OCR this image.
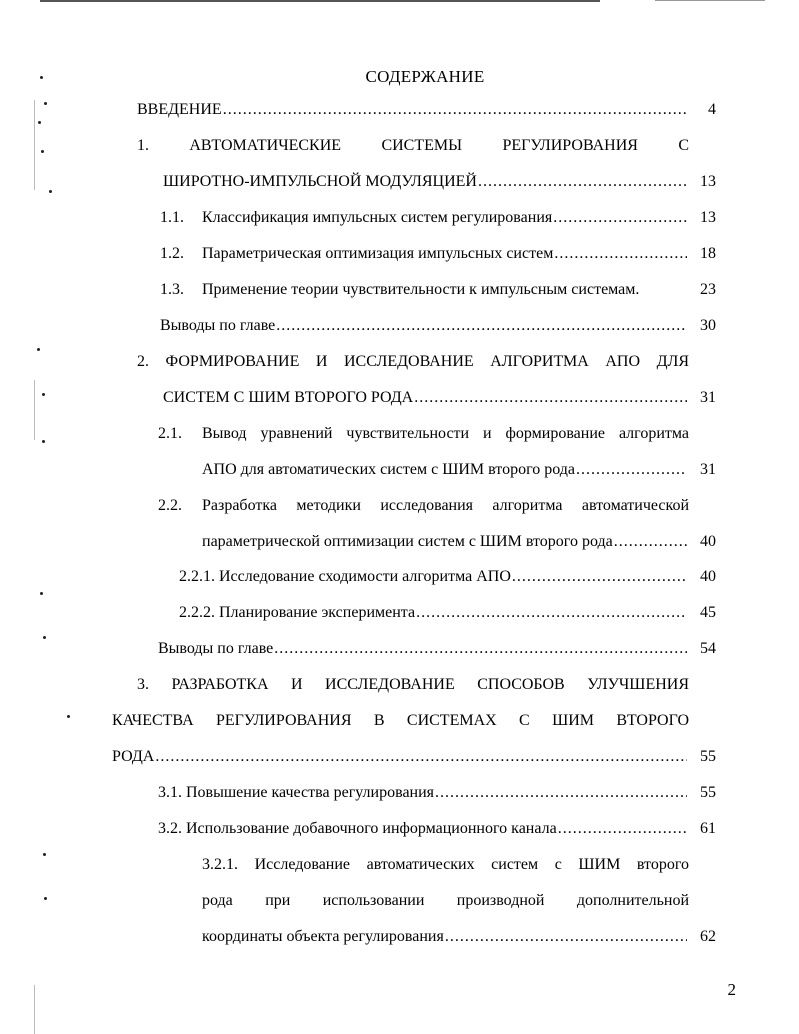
СОДЕРЖАНИЕ
ВВЕДЕНИЕ .....	4
1. АВТОМАТИЧЕСКИЕ СИСТЕМЫ РЕГУЛИРОВАНИЯ С
ШИРОТНО-ИМПУЛЬСНОЙ МОДУЛЯЦИЕЙ .....	13
1.1.	Классификация импульсных систем регулирования .....	13
1.2.	Параметрическая оптимизация импульсных систем .....	18
1.3. Применение теории чувствительности к импульсным системам.	23
Выводы по главе .....	30
2. ФОРМИРОВАНИЕ И ИССЛЕДОВАНИЕ АЛГОРИТМА АПО ДЛЯ
СИСТЕМ С ШИМ ВТОРОГО РОДА .....	31
2.1.	Вывод уравнений чувствительности и формирование алгоритма
АПО для автоматических систем с ШИМ второго рода .....	31
2.2.	Разработка методики исследования алгоритма автоматической
параметрической оптимизации систем с ШИМ второго рода .....	40
2.2.1. Исследование сходимости алгоритма АПО .....	40
2.2.2. Планирование эксперимента .....	45
Выводы по главе .....	54
3. РАЗРАБОТКА И ИССЛЕДОВАНИЕ СПОСОБОВ УЛУЧШЕНИЯ
КАЧЕСТВА РЕГУЛИРОВАНИЯ В СИСТЕМАХ С ШИМ ВТОРОГО
РОДА .....	55
3.1. Повышение качества регулирования .....	55
3.2. Использование добавочного информационного канала .....	61
3.2.1. Исследование автоматических систем с ШИМ второго
рода при использовании производной дополнительной
координаты объекта регулирования .....	62
2
